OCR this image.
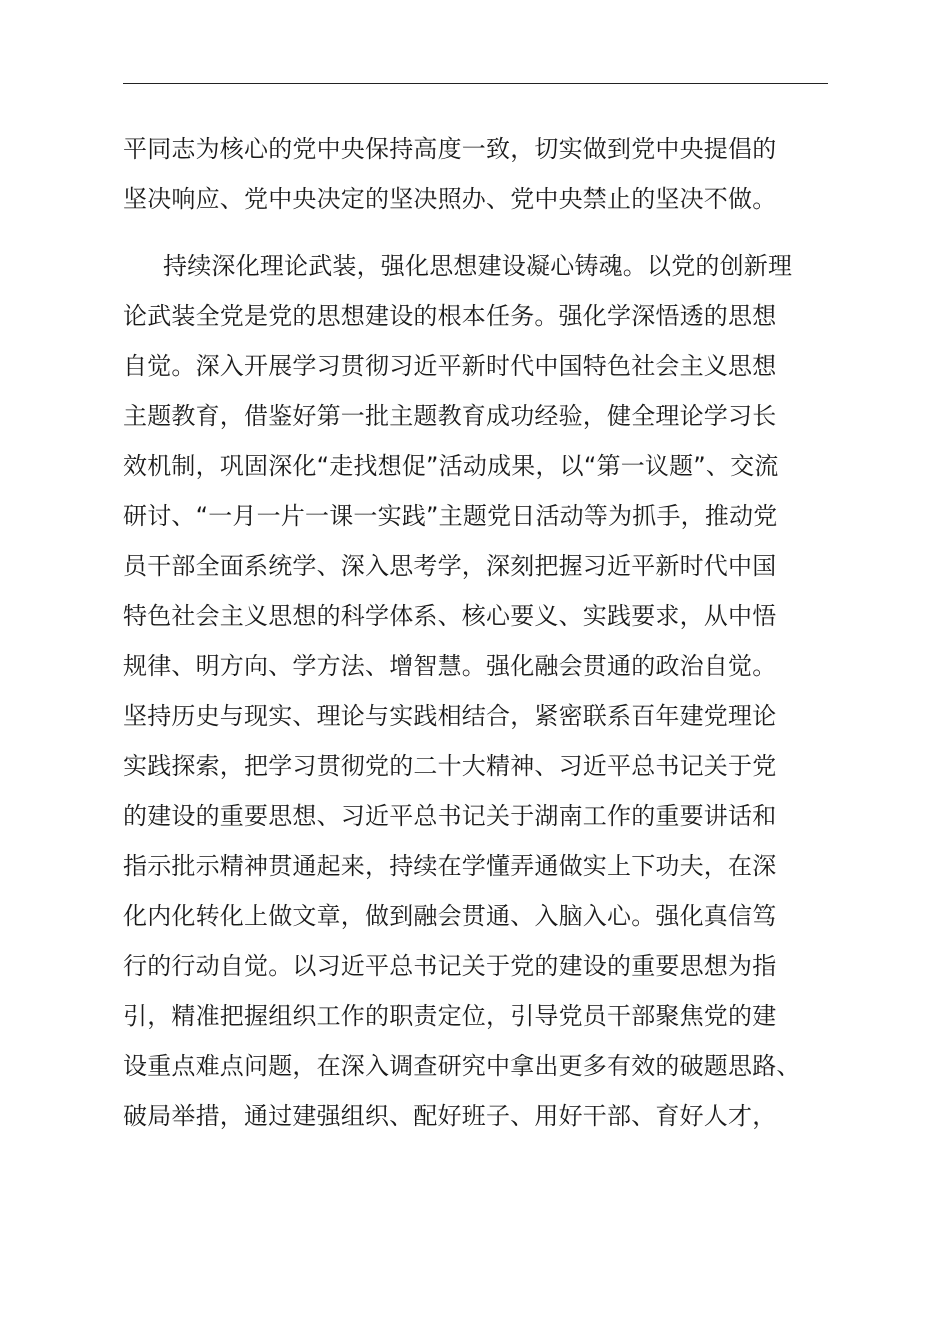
平同志为核心的党中央保持高度一致，切实做到党中央提倡的
坚决响应、党中央决定的坚决照办、党中央禁止的坚决不做。
持续深化理论武装，强化思想建设凝心铸魂。以党的创新理
论武装全党是党的思想建设的根本任务。强化学深悟透的思想
自觉。深入开展学习贯彻习近平新时代中国特色社会主义思想
主题教育，借鉴好第一批主题教育成功经验，健全理论学习长
效机制，巩固深化“走找想促”活动成果，以“第一议题”、交流
研讨、“一月一片一课一实践”主题党日活动等为抓手，推动党
员干部全面系统学、深入思考学，深刻把握习近平新时代中国
特色社会主义思想的科学体系、核心要义、实践要求，从中悟
规律、明方向、学方法、增智慧。强化融会贯通的政治自觉。
坚持历史与现实、理论与实践相结合，紧密联系百年建党理论
实践探索，把学习贯彻党的二十大精神、习近平总书记关于党
的建设的重要思想、习近平总书记关于湖南工作的重要讲话和
指示批示精神贯通起来，持续在学懂弄通做实上下功夫，在深
化内化转化上做文章，做到融会贯通、入脑入心。强化真信笃
行的行动自觉。以习近平总书记关于党的建设的重要思想为指
引，精准把握组织工作的职责定位，引导党员干部聚焦党的建
设重点难点问题，在深入调查研究中拿出更多有效的破题思路、
破局举措，通过建强组织、配好班子、用好干部、育好人才，
